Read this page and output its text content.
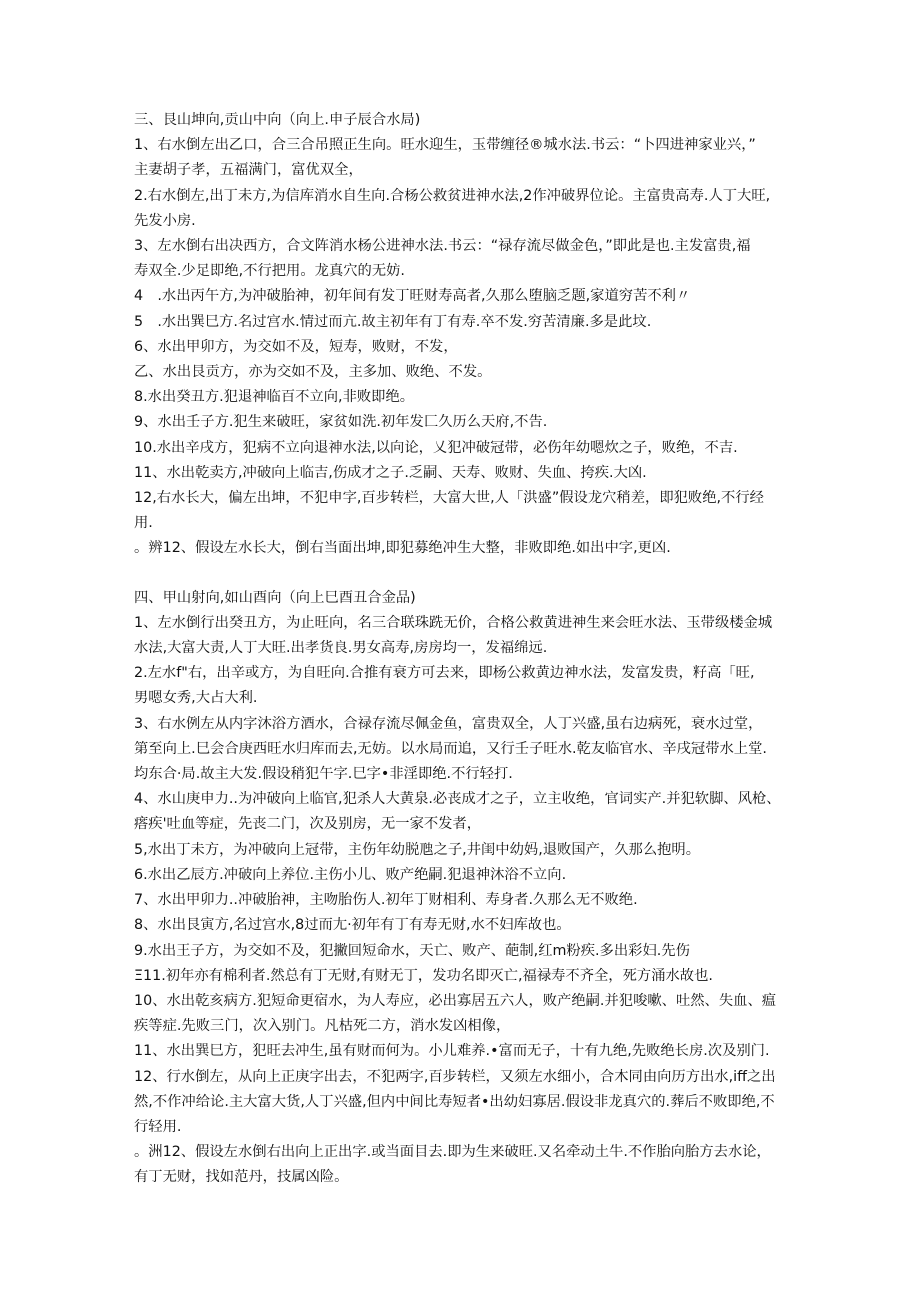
三、艮山坤向,贡山中向（向上.申子辰合水局)
1、右水倒左出乙口，合三合吊照正生向。旺水迎生，玉带缠径®城水法.书云：“卜四进神家业兴，”
主妻胡子孝，五福满门，富优双全，
2.右水倒左,出丁未方,为信库消水自生向.合杨公救贫进神水法,2作冲破界位论。主富贵高寿.人丁大旺,
先发小房.
3、左水倒右出决西方，合文阵消水杨公进神水法.书云：“禄存流尽做金色，”即此是也.主发富贵,福
寿双全.少足即绝,不行把用。龙真穴的无妨.
4　.水出丙午方,为冲破胎神，初年间有发丁旺财寿高者,久那么堕脑乏题,家道穷苦不利〃
5　.水出巽巳方.名过宫水.情过而亢.故主初年有丁有寿.卒不发.穷苦清廉.多是此坟.
6、水出甲卯方，为交如不及，短寿，败财，不发，
乙、水出艮贡方，亦为交如不及，主多加、败绝、不发。
8.水出癸丑方.犯退神临百不立向,非败即绝。
9、水出壬子方.犯生来破旺，家贫如洗.初年发匚久历么天府,不告.
10.水出辛戌方，犯病不立向退神水法,以向论，乂犯冲破冠带，必伤年幼嗯炊之子，败绝，不吉.
11、水出乾卖方,冲破向上临吉,伤成才之子.乏嗣、天寿、败财、失血、挎疾.大凶.
12,右水长大，偏左出坤，不犯申字,百步转栏，大富大世,人「洪盛”假设龙穴稍差，即犯败绝,不行经
用.
。辨12、假设左水长大，倒右当面出坤,即犯募绝冲生大整，非败即绝.如出中字,更凶.
四、甲山射向,如山酉向（向上巳酉丑合金品)
1、左水倒行出癸丑方，为止旺向，名三合联珠跣无价，合格公救黄进神生来会旺水法、玉带级楼金城
水法,大富大责,人丁大旺.出孝货良.男女高寿,房房均一，发福绵远.
2.左水f"右，出辛或方，为自旺向.合推有衰方可去来，即杨公救黄边神水法，发富发贵，籽高「旺,
男嗯女秀,大占大利.
3、右水例左从内字沐浴方酒水，合禄存流尽佩金鱼，富贵双全，人丁兴盛,虽右边病死，衰水过堂，
第至向上.巳会合庚西旺水归库而去,无妨。以水局而追，又行壬子旺水.乾友临官水、辛戌冠带水上堂.
均东合·局.故主大发.假设稍犯午字.巳字•非淫即绝.不行轻打.
4、水山庚申力..为冲破向上临官,犯杀人大黄泉.必丧成才之子，立主收绝，官词实产.并犯软脚、风枪、
瘩疾'吐血等症，先丧二门，次及别房，无一家不发者，
5,水出丁未方，为冲破向上冠带，主伤年幼脱虺之子,井闺中幼妈,退败国产，久那么抱明。
6.水出乙辰方.冲破向上养位.主伤小儿、败产绝嗣.犯退神沐浴不立向.
7、水出甲卯力..冲破胎神，主吻胎伤人.初年丁财相利、寿身者.久那么无不败绝.
8、水出艮寅方,名过宫水,8过而尢·初年有丁有寿无财,水不妇库故也。
9.水出王子方，为交如不及，犯撇回短命水，天亡、败产、葩制,红m粉疾.多出彩妇.先伤
Ξ11.初年亦有棉利者.然总有丁无财,有财无丁，发功名即灭亡,福禄寿不齐全，死方涌水故也.
10、水出乾亥病方.犯短命更宿水，为人寿应，必出寡居五六人，败产绝嗣.并犯唆嗽、吐然、失血、瘟
疾等症.先败三门，次入别门。凡枯死二方，消水发凶相像，
11、水出巽巳方，犯旺去冲生,虽有财而何为。小儿难养.•富而无子，十有九绝,先败绝长房.次及别门.
12、行水倒左，从向上正庚字出去，不犯两字,百步转栏，又须左水细小，合木同由向历方出水,iff之出
然,不作冲给论.主大富大货,人丁兴盛,但内中间比寿短者•出幼妇寡居.假设非龙真穴的.葬后不败即绝,不
行轻用.
。洲12、假设左水倒右出向上正出字.或当面目去.即为生来破旺.又名牵动土牛.不作胎向胎方去水论，
有丁无财，找如范丹，技属凶险。
